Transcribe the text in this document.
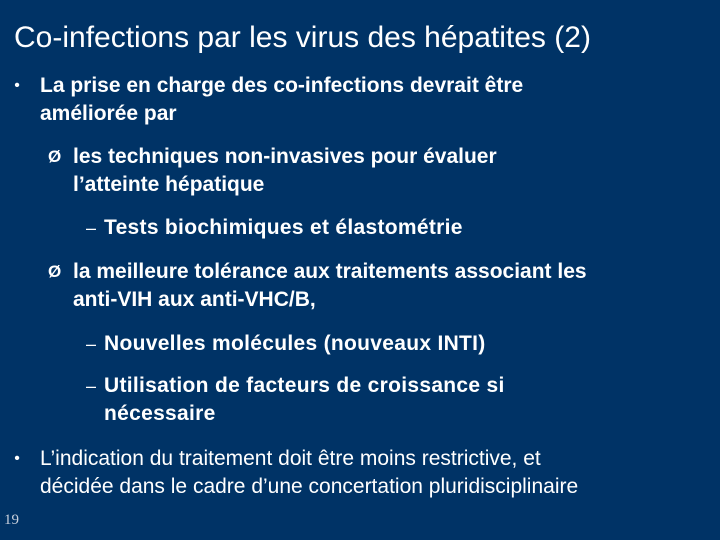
Co-infections par les virus des hépatites (2)
• La prise en charge des co-infections devrait être
améliorée par
Ø les techniques non-invasives pour évaluer
l’atteinte hépatique
– Tests biochimiques et élastométrie
Ø la meilleure tolérance aux traitements associant les
anti-VIH aux anti-VHC/B,
– Nouvelles molécules (nouveaux INTI)
– Utilisation de facteurs de croissance si
nécessaire
• L’indication du traitement doit être moins restrictive, et
décidée dans le cadre d’une concertation pluridisciplinaire
19
